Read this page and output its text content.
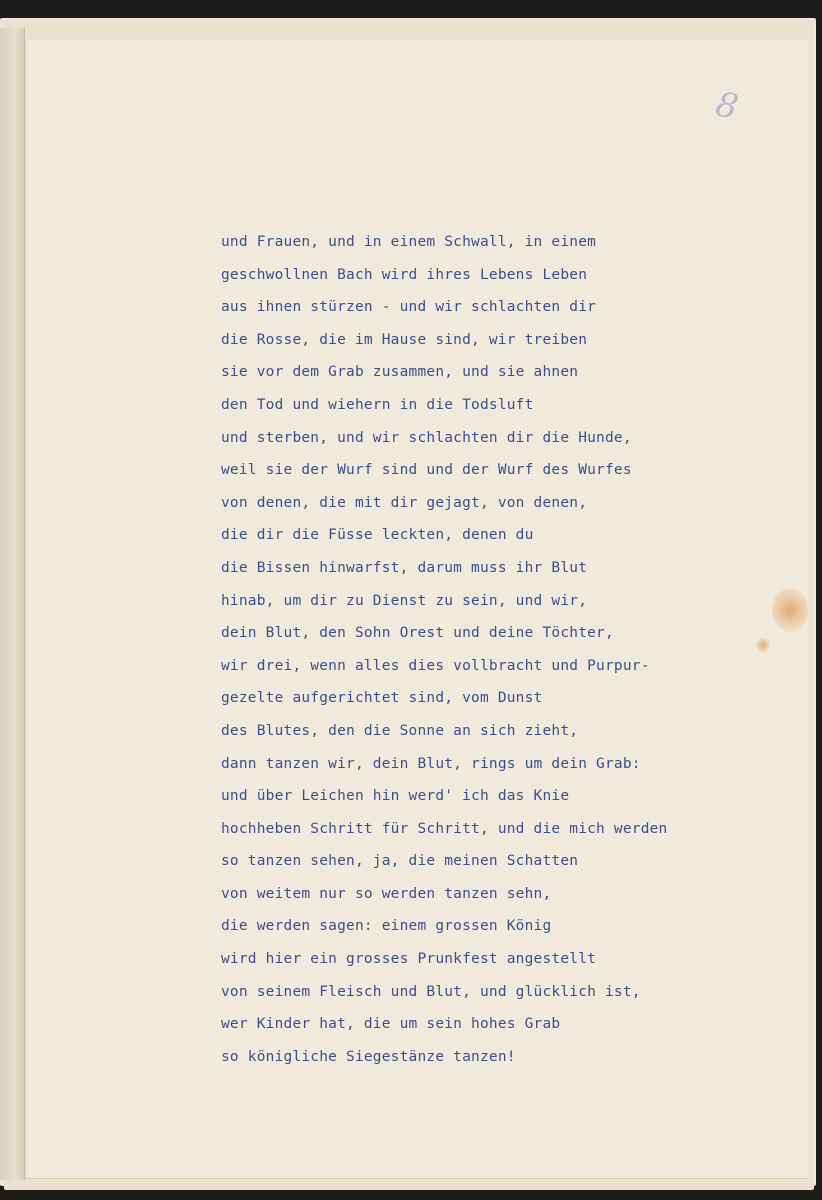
8
und Frauen, und in einem Schwall, in einem
geschwollnen Bach wird ihres Lebens Leben
aus ihnen stürzen - und wir schlachten dir
die Rosse, die im Hause sind, wir treiben
sie vor dem Grab zusammen, und sie ahnen
den Tod und wiehern in die Todsluft
und sterben, und wir schlachten dir die Hunde,
weil sie der Wurf sind und der Wurf des Wurfes
von denen, die mit dir gejagt, von denen,
die dir die Füsse leckten, denen du
die Bissen hinwarfst, darum muss ihr Blut
hinab, um dir zu Dienst zu sein, und wir,
dein Blut, den Sohn Orest und deine Töchter,
wir drei, wenn alles dies vollbracht und Purpur-
gezelte aufgerichtet sind, vom Dunst
des Blutes, den die Sonne an sich zieht,
dann tanzen wir, dein Blut, rings um dein Grab:
und über Leichen hin werd' ich das Knie
hochheben Schritt für Schritt, und die mich werden
so tanzen sehen, ja, die meinen Schatten
von weitem nur so werden tanzen sehn,
die werden sagen: einem grossen König
wird hier ein grosses Prunkfest angestellt
von seinem Fleisch und Blut, und glücklich ist,
wer Kinder hat, die um sein hohes Grab
so königliche Siegestänze tanzen!
